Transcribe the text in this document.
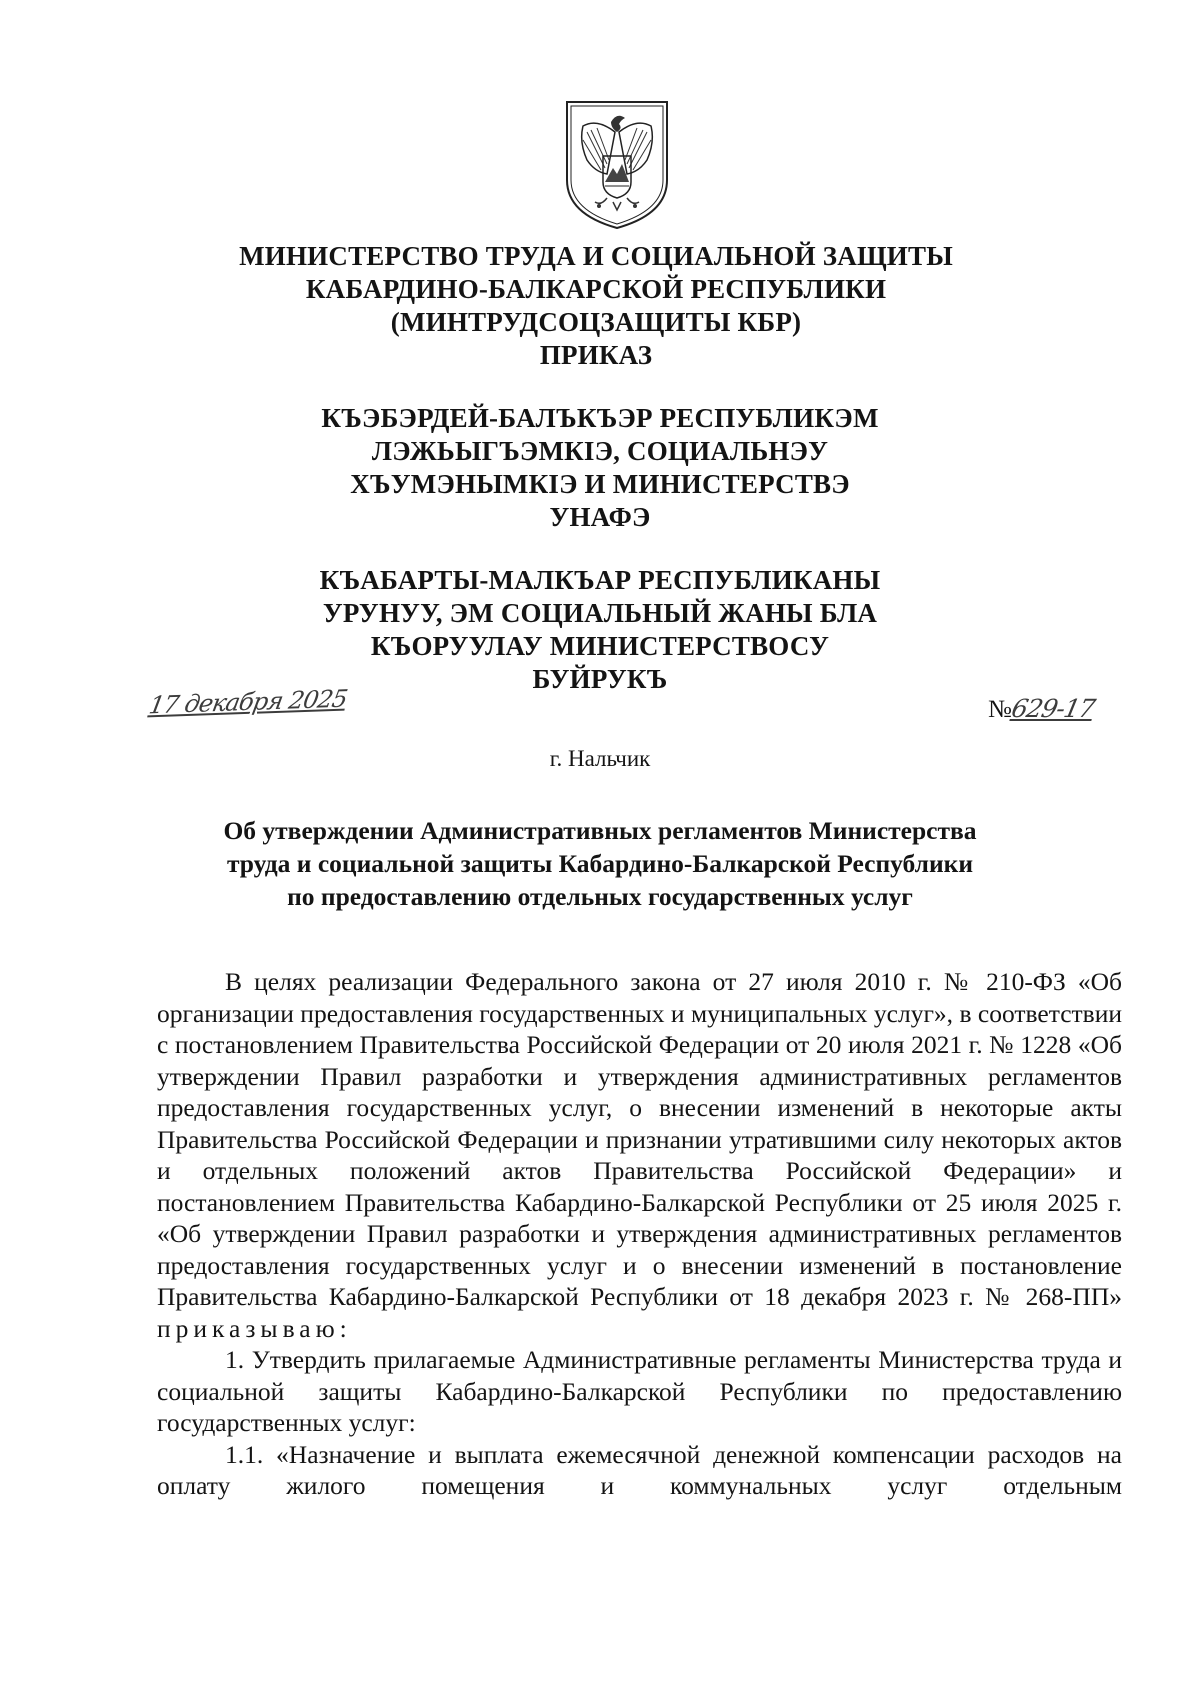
МИНИСТЕРСТВО ТРУДА И СОЦИАЛЬНОЙ ЗАЩИТЫ
КАБАРДИНО-БАЛКАРСКОЙ РЕСПУБЛИКИ
(МИНТРУДСОЦЗАЩИТЫ КБР)
ПРИКАЗ
КЪЭБЭРДЕЙ-БАЛЪКЪЭР РЕСПУБЛИКЭМ
ЛЭЖЬЫГЪЭМКIЭ, СОЦИАЛЬНЭУ
ХЪУМЭНЫМКIЭ И МИНИСТЕРСТВЭ
УНАФЭ
КЪАБАРТЫ-МАЛКЪАР РЕСПУБЛИКАНЫ
УРУНУУ, ЭМ СОЦИАЛЬНЫЙ ЖАНЫ БЛА
КЪОРУУЛАУ МИНИСТЕРСТВОСУ
БУЙРУКЪ
17 декабря 2025	№629-17
г. Нальчик
Об утверждении Административных регламентов Министерства
труда и социальной защиты Кабардино-Балкарской Республики
по предоставлению отдельных государственных услуг

В целях реализации Федерального закона от 27 июля 2010 г. № 210-ФЗ «Об организации предоставления государственных и муниципальных услуг», в соответствии с постановлением Правительства Российской Федерации от 20 июля 2021 г. № 1228 «Об утверждении Правил разработки и утверждения административных регламентов предоставления государственных услуг, о внесении изменений в некоторые акты Правительства Российской Федерации и признании утратившими силу некоторых актов и отдельных положений актов Правительства Российской Федерации» и постановлением Правительства Кабардино-Балкарской Республики от 25 июля 2025 г. «Об утверждении Правил разработки и утверждения административных регламентов предоставления государственных услуг и о внесении изменений в постановление Правительства Кабардино-Балкарской Республики от 18 декабря 2023 г. № 268-ПП» приказываю:

1. Утвердить прилагаемые Административные регламенты Министерства труда и социальной защиты Кабардино-Балкарской Республики по предоставлению государственных услуг:

1.1. «Назначение и выплата ежемесячной денежной компенсации расходов на оплату жилого помещения и коммунальных услуг отдельным
